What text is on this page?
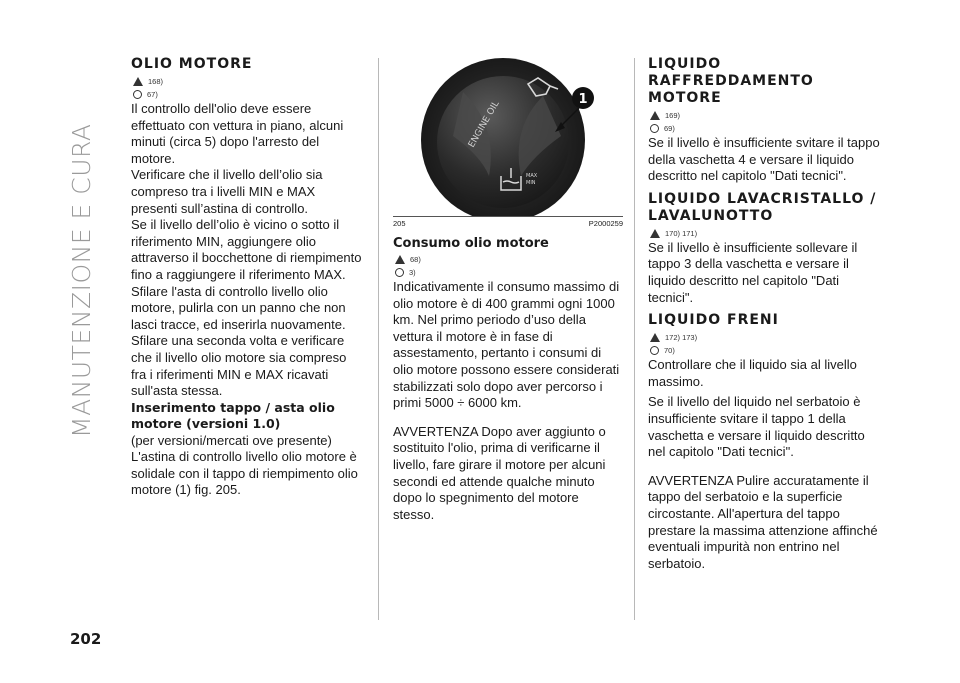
MANUTENZIONE E CURA
202
OLIO MOTORE
168)
67)

Il controllo dell'olio deve essere effettuato con vettura in piano, alcuni minuti (circa 5) dopo l'arresto del motore.

Verificare che il livello dell’olio sia compreso tra i livelli MIN e MAX presenti sull’astina di controllo.

Se il livello dell’olio è vicino o sotto il riferimento MIN, aggiungere olio attraverso il bocchettone di riempimento fino a raggiungere il riferimento MAX.

Sfilare l'asta di controllo livello olio motore, pulirla con un panno che non lasci tracce, ed inserirla nuovamente.

Sfilare una seconda volta e verificare che il livello olio motore sia compreso fra i riferimenti MIN e MAX ricavati sull'asta stessa.

Inserimento tappo / asta olio motore (versioni 1.0)

(per versioni/mercati ove presente)

L'astina di controllo livello olio motore è solidale con il tappo di riempimento olio motore (1) fig. 205.

ENGINE OIL
MAX
MIN
1
205	P2000259
Consumo olio motore
68)
3)

Indicativamente il consumo massimo di olio motore è di 400 grammi ogni 1000 km. Nel primo periodo d’uso della vettura il motore è in fase di assestamento, pertanto i consumi di olio motore possono essere considerati stabilizzati solo dopo aver percorso i primi 5000 ÷ 6000 km.

AVVERTENZA Dopo aver aggiunto o sostituito l'olio, prima di verificarne il livello, fare girare il motore per alcuni secondi ed attende qualche minuto dopo lo spegnimento del motore stesso.

LIQUIDO RAFFREDDAMENTO MOTORE
169)
69)

Se il livello è insufficiente svitare il tappo della vaschetta 4 e versare il liquido descritto nel capitolo "Dati tecnici".

LIQUIDO LAVACRISTALLO / LAVALUNOTTO
170) 171)

Se il livello è insufficiente sollevare il tappo 3 della vaschetta e versare il liquido descritto nel capitolo "Dati tecnici".

LIQUIDO FRENI
172) 173)
70)

Controllare che il liquido sia al livello massimo.

Se il livello del liquido nel serbatoio è insufficiente svitare il tappo 1 della vaschetta e versare il liquido descritto nel capitolo "Dati tecnici".

AVVERTENZA Pulire accuratamente il tappo del serbatoio e la superficie circostante. All'apertura del tappo prestare la massima attenzione affinché eventuali impurità non entrino nel serbatoio.
